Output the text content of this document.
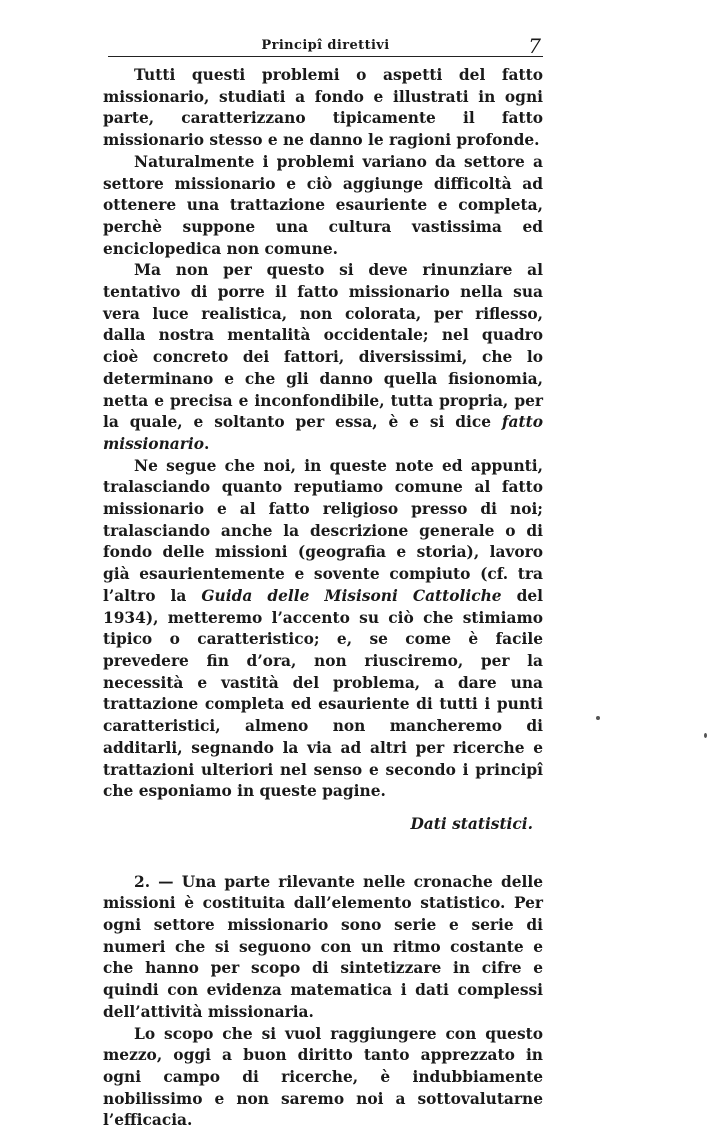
Principî direttivi	7

Tutti questi problemi o aspetti del fatto missionario, studiati a fondo e illustrati in ogni parte, caratterizzano tipicamente il fatto missionario stesso e ne danno le ragioni profonde.

Naturalmente i problemi variano da settore a settore missionario e ciò aggiunge difficoltà ad ottenere una trattazione esauriente e completa, perchè suppone una cultura vastissima ed enciclopedica non comune.

Ma non per questo si deve rinunziare al tentativo di porre il fatto missionario nella sua vera luce realistica, non colorata, per riflesso, dalla nostra mentalità occidentale; nel quadro cioè concreto dei fattori, diversissimi, che lo determinano e che gli danno quella fisionomia, netta e precisa e inconfondibile, tutta propria, per la quale, e soltanto per essa, è e si dice fatto missionario.

Ne segue che noi, in queste note ed appunti, tralasciando quanto reputiamo comune al fatto missionario e al fatto religioso presso di noi; tralasciando anche la descrizione generale o di fondo delle missioni (geografia e storia), lavoro già esaurientemente e sovente compiuto (cf. tra l’altro la Guida delle Misisoni Cattoliche del 1934), metteremo l’accento su ciò che stimiamo tipico o caratteristico; e, se come è facile prevedere fin d’ora, non riusciremo, per la necessità e vastità del problema, a dare una trattazione completa ed esauriente di tutti i punti caratteristici, almeno non mancheremo di additarli, segnando la via ad altri per ricerche e trattazioni ulteriori nel senso e secondo i principî che esponiamo in queste pagine.

Dati statistici.

2. — Una parte rilevante nelle cronache delle missioni è costituita dall’elemento statistico. Per ogni settore missionario sono serie e serie di numeri che si seguono con un ritmo costante e che hanno per scopo di sintetizzare in cifre e quindi con evidenza matematica i dati complessi dell’attività missionaria.

Lo scopo che si vuol raggiungere con questo mezzo, oggi a buon diritto tanto apprezzato in ogni campo di ricerche, è indubbiamente nobilissimo e non saremo noi a sottovalutarne l’efficacia.
